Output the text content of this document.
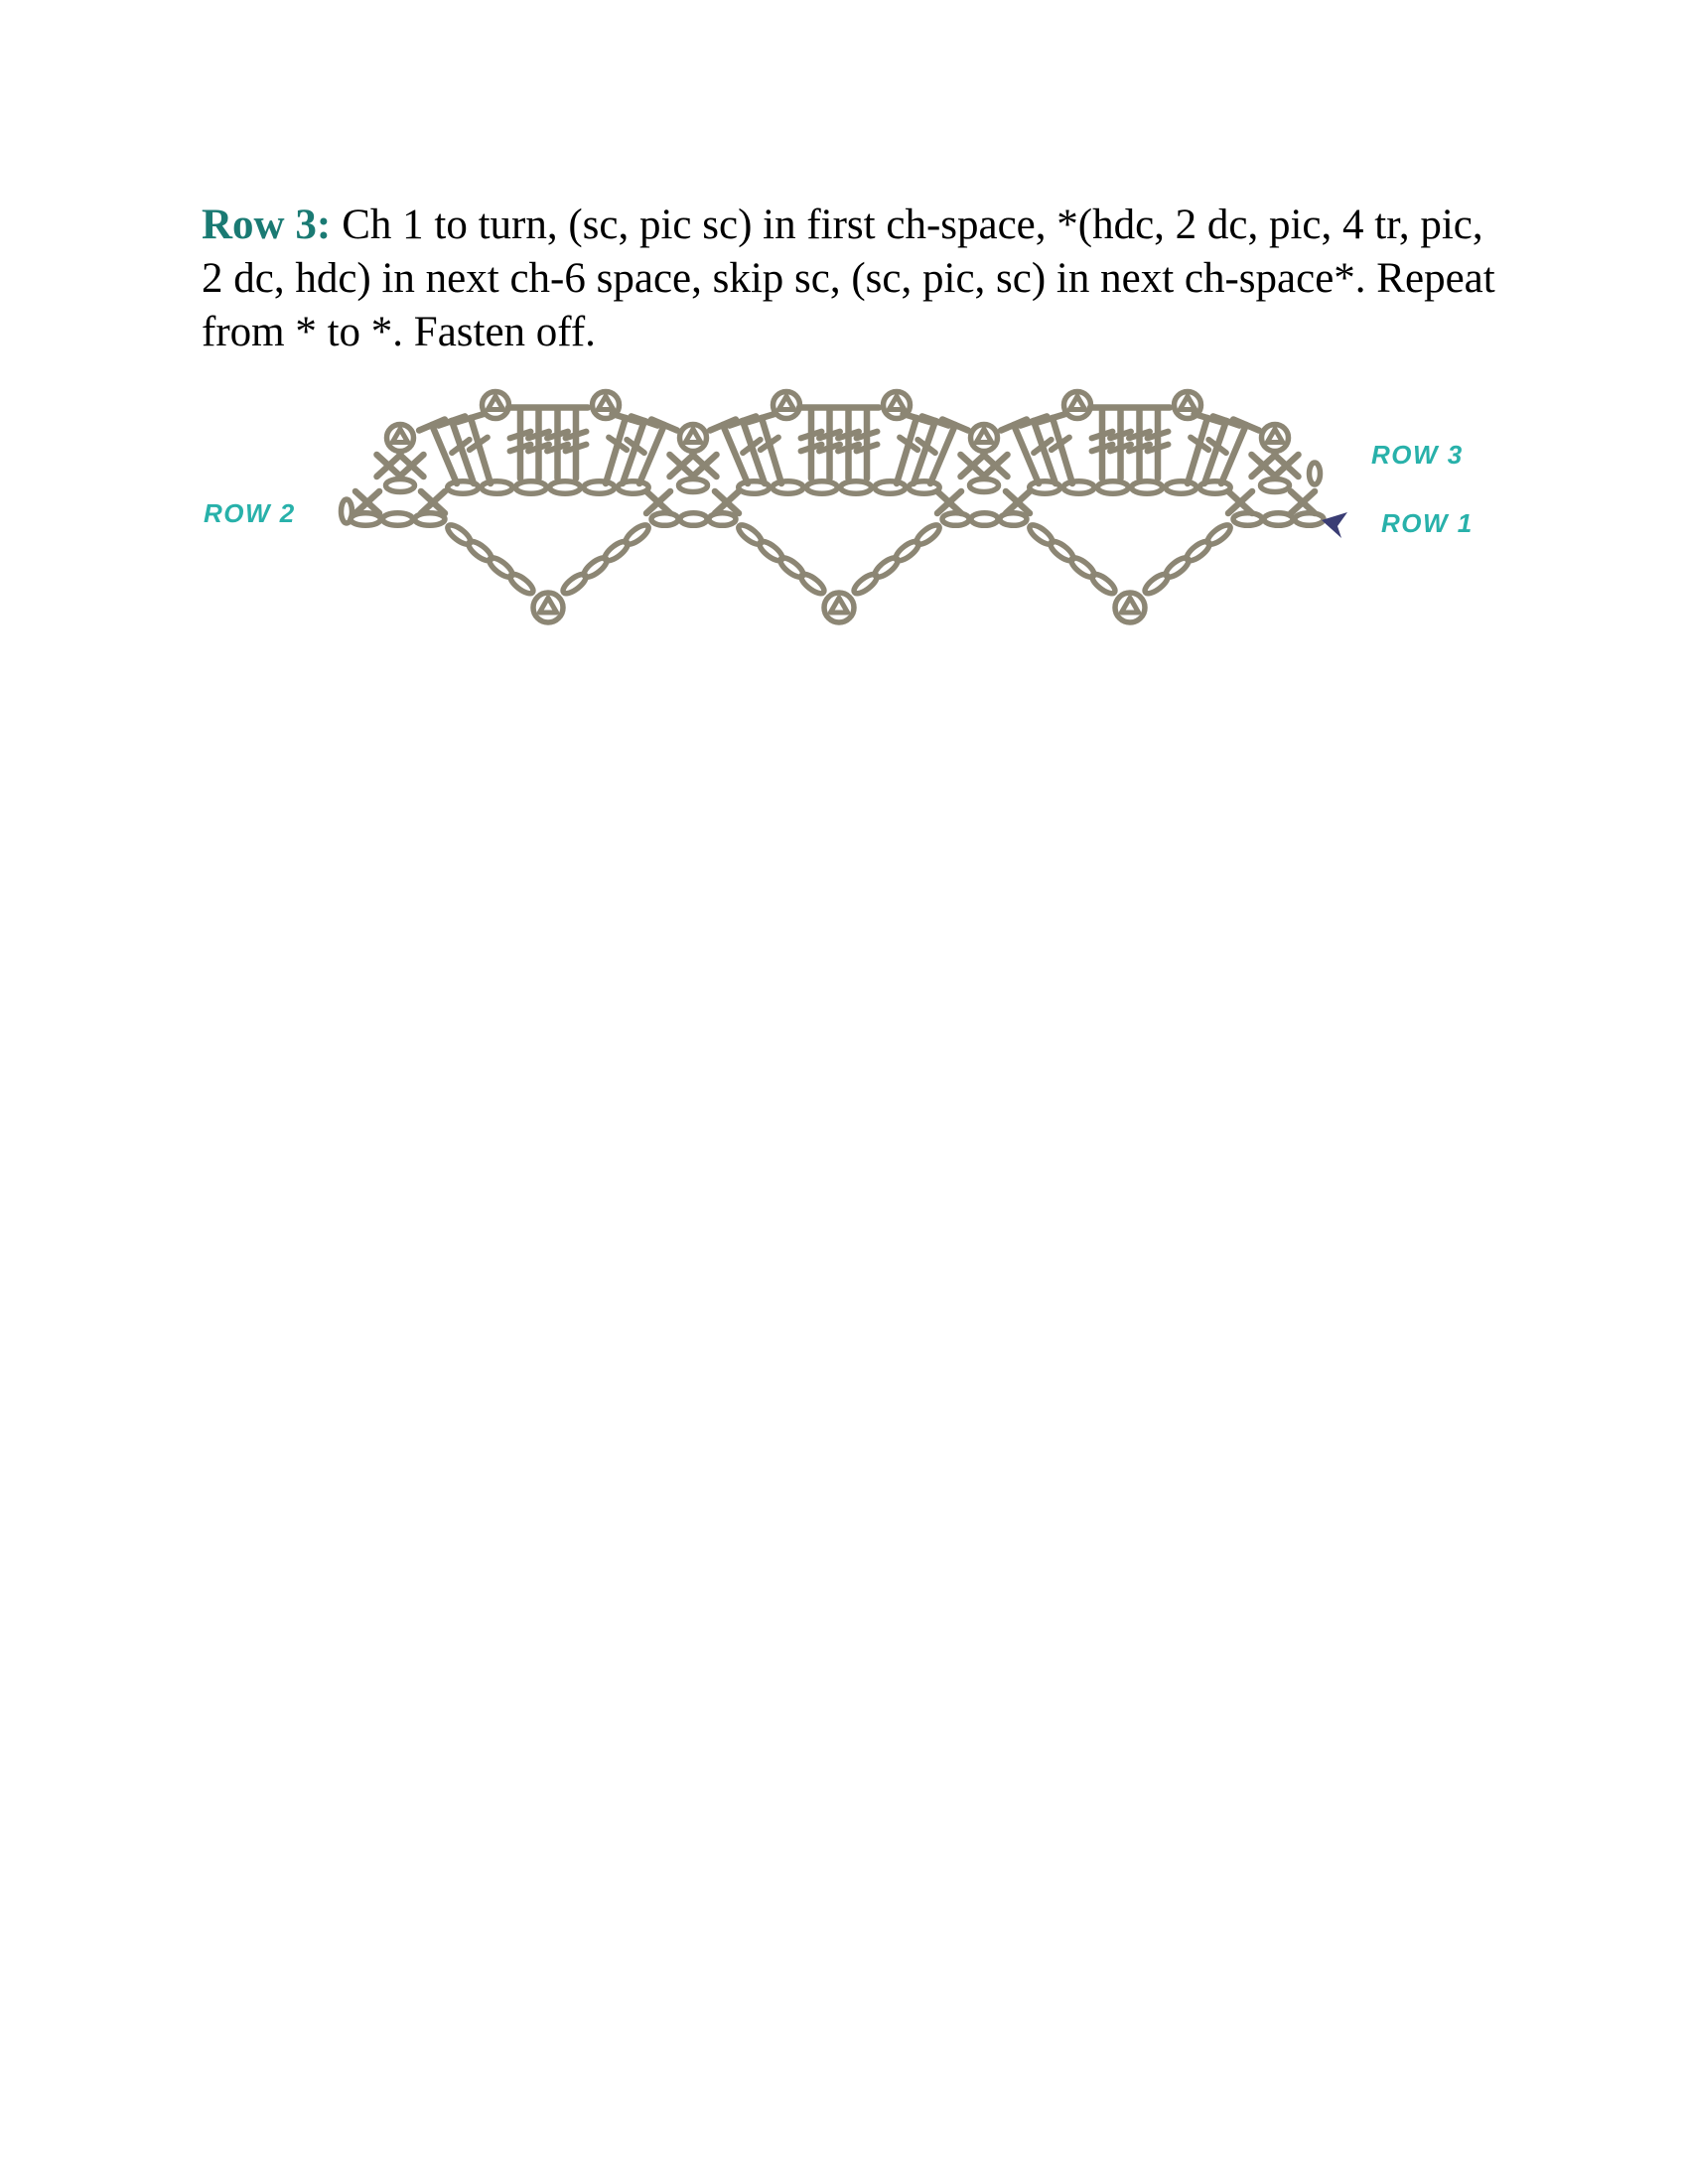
Row 3: Ch 1 to turn, (sc, pic sc) in first ch-space, *(hdc, 2 dc, pic, 4 tr, pic,
2 dc, hdc) in next ch-6 space, skip sc, (sc, pic, sc) in next ch-space*. Repeat
from * to *. Fasten off.
ROW 2
ROW 3
ROW 1
